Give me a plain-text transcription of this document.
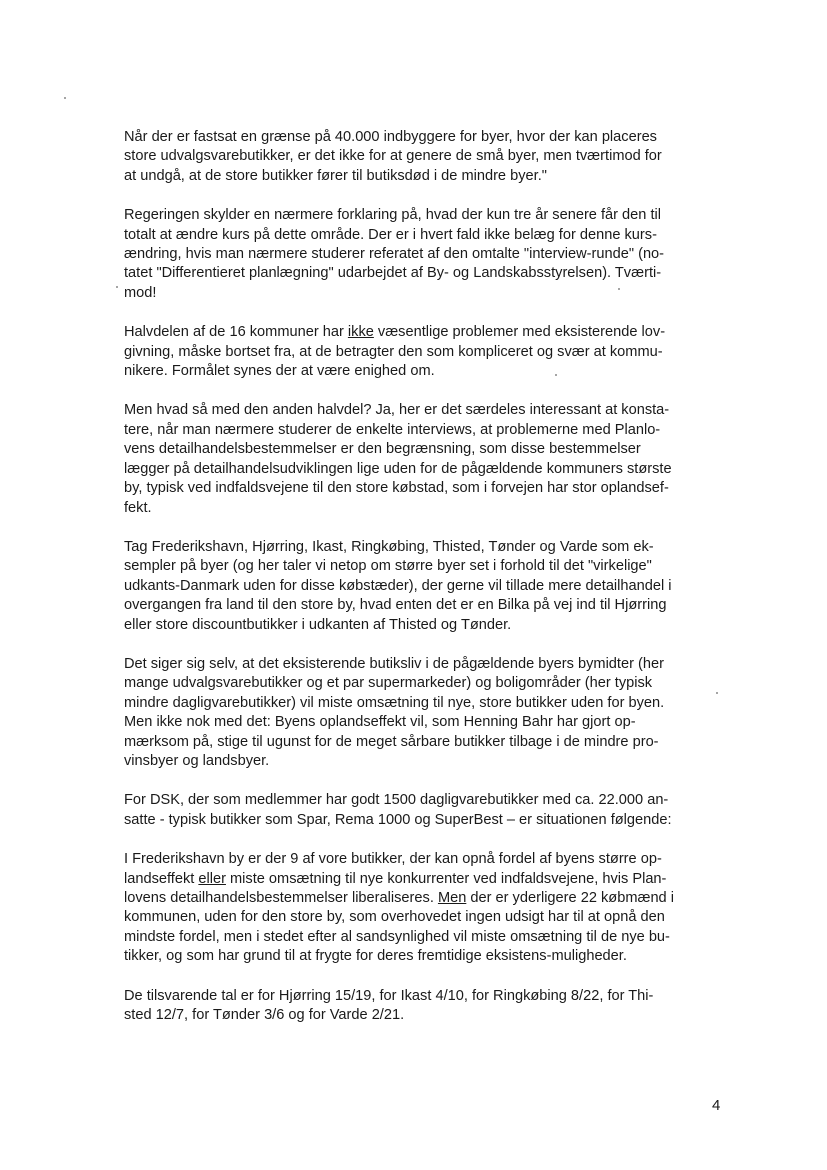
Når der er fastsat en grænse på 40.000 indbyggere for byer, hvor der kan placeres
store udvalgsvarebutikker, er det ikke for at genere de små byer, men tværtimod for
at undgå, at de store butikker fører til butiksdød i de mindre byer."

Regeringen skylder en nærmere forklaring på, hvad der kun tre år senere får den til
totalt at ændre kurs på dette område. Der er i hvert fald ikke belæg for denne kurs-
ændring, hvis man nærmere studerer referatet af den omtalte "interview-runde" (no-
tatet "Differentieret planlægning" udarbejdet af By- og Landskabsstyrelsen). Tværti-
mod!

Halvdelen af de 16 kommuner har ikke væsentlige problemer med eksisterende lov-
givning, måske bortset fra, at de betragter den som kompliceret og svær at kommu-
nikere. Formålet synes der at være enighed om.

Men hvad så med den anden halvdel? Ja, her er det særdeles interessant at konsta-
tere, når man nærmere studerer de enkelte interviews, at problemerne med Planlo-
vens detailhandelsbestemmelser er den begrænsning, som disse bestemmelser
lægger på detailhandelsudviklingen lige uden for de pågældende kommuners største
by, typisk ved indfaldsvejene til den store købstad, som i forvejen har stor oplandsef-
fekt.

Tag Frederikshavn, Hjørring, Ikast, Ringkøbing, Thisted, Tønder og Varde som ek-
sempler på byer (og her taler vi netop om større byer set i forhold til det "virkelige"
udkants-Danmark uden for disse købstæder), der gerne vil tillade mere detailhandel i
overgangen fra land til den store by, hvad enten det er en Bilka på vej ind til Hjørring
eller store discountbutikker i udkanten af Thisted og Tønder.

Det siger sig selv, at det eksisterende butiksliv i de pågældende byers bymidter (her
mange udvalgsvarebutikker og et par supermarkeder) og boligområder (her typisk
mindre dagligvarebutikker) vil miste omsætning til nye, store butikker uden for byen.
Men ikke nok med det: Byens oplandseffekt vil, som Henning Bahr har gjort op-
mærksom på, stige til ugunst for de meget sårbare butikker tilbage i de mindre pro-
vinsbyer og landsbyer.

For DSK, der som medlemmer har godt 1500 dagligvarebutikker med ca. 22.000 an-
satte - typisk butikker som Spar, Rema 1000 og SuperBest – er situationen følgende:

I Frederikshavn by er der 9 af vore butikker, der kan opnå fordel af byens større op-
landseffekt eller miste omsætning til nye konkurrenter ved indfaldsvejene, hvis Plan-
lovens detailhandelsbestemmelser liberaliseres. Men der er yderligere 22 købmænd i
kommunen, uden for den store by, som overhovedet ingen udsigt har til at opnå den
mindste fordel, men i stedet efter al sandsynlighed vil miste omsætning til de nye bu-
tikker, og som har grund til at frygte for deres fremtidige eksistens-muligheder.

De tilsvarende tal er for Hjørring 15/19, for Ikast 4/10, for Ringkøbing 8/22, for Thi-
sted 12/7, for Tønder 3/6 og for Varde 2/21.

4
